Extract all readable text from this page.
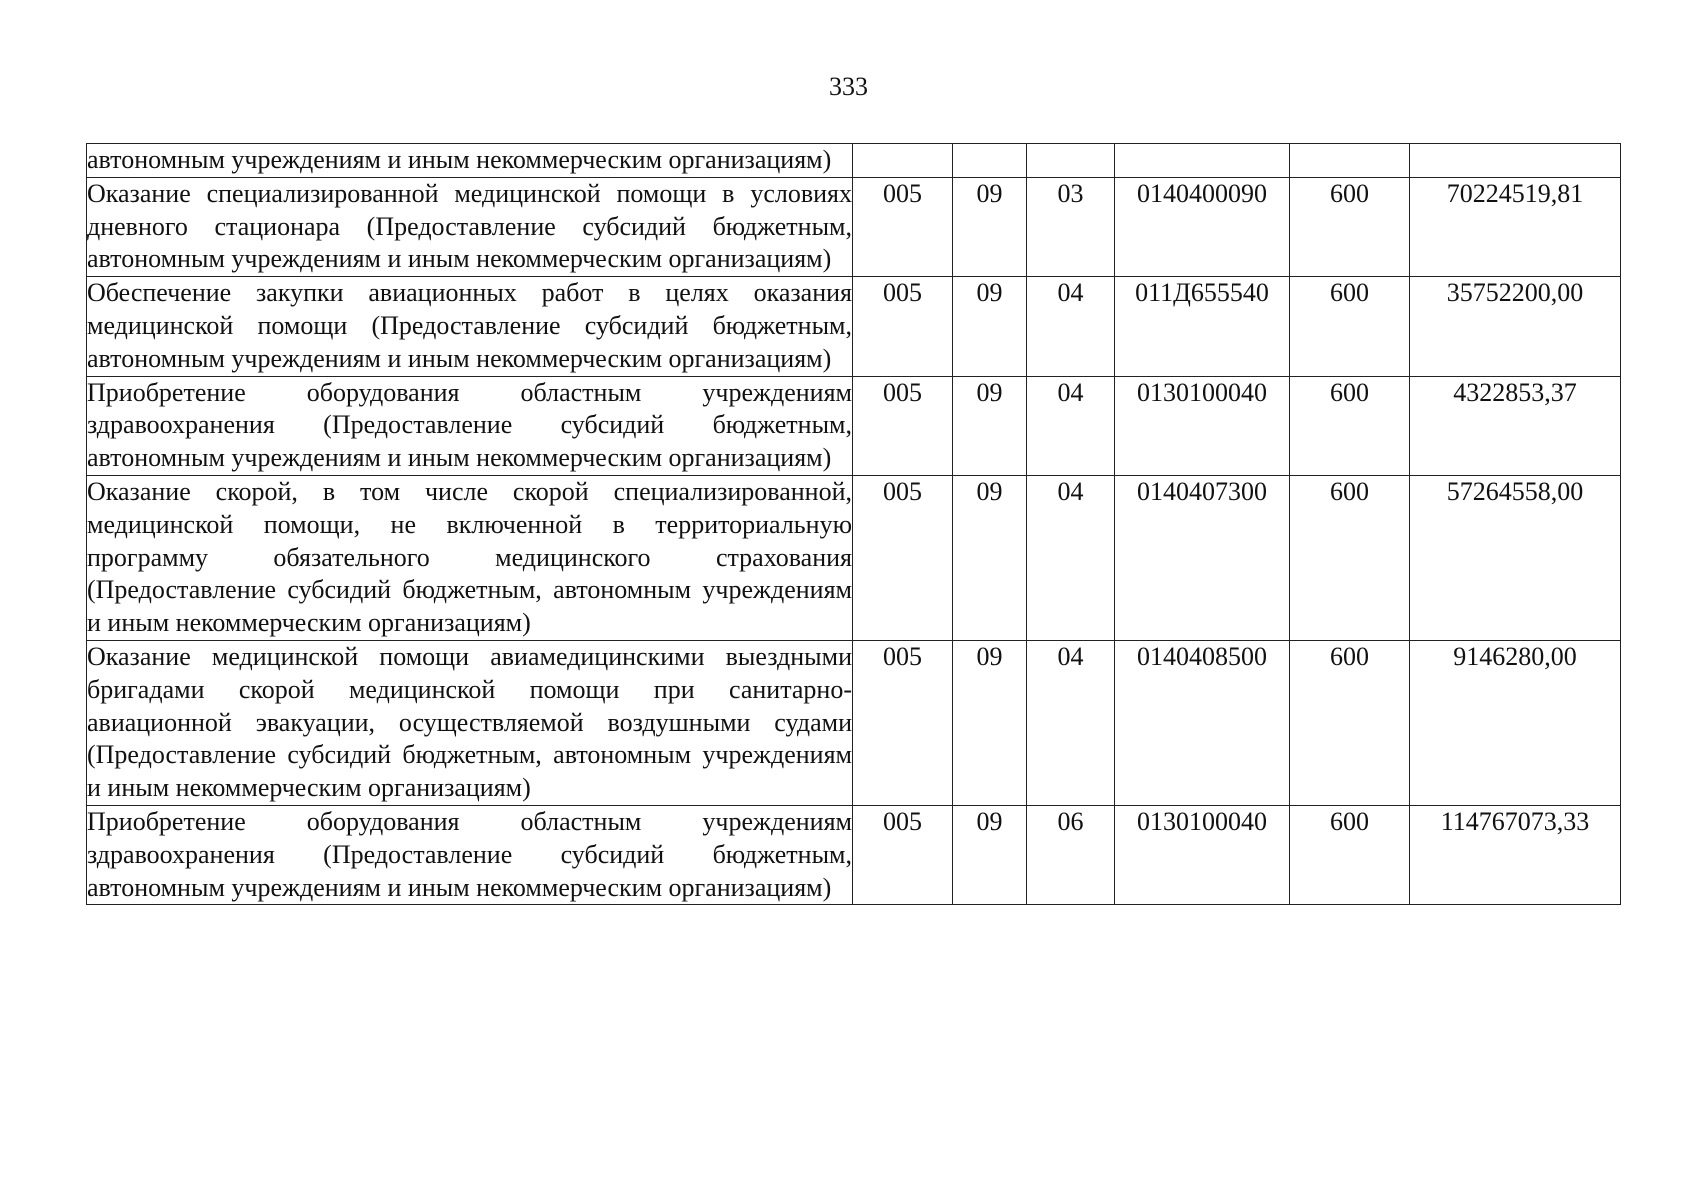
333
автономным учреждениям и иным некоммерческим организациям)						
Оказание специализированной медицинской помощи в условиях дневного стационара (Предоставление субсидий бюджетным, автономным учреждениям и иным некоммерческим организациям)	005	09	03	0140400090	600	70224519,81
Обеспечение закупки авиационных работ в целях оказания медицинской помощи (Предоставление субсидий бюджетным, автономным учреждениям и иным некоммерческим организациям)	005	09	04	011Д655540	600	35752200,00
Приобретение оборудования областным учреждениям здравоохранения (Предоставление субсидий бюджетным, автономным учреждениям и иным некоммерческим организациям)	005	09	04	0130100040	600	4322853,37
Оказание скорой, в том числе скорой специализированной, медицинской помощи, не включенной в территориальную программу обязательного медицинского страхования (Предоставление субсидий бюджетным, автономным учреждениям и иным некоммерческим организациям)	005	09	04	0140407300	600	57264558,00
Оказание медицинской помощи авиамедицинскими выездными бригадами скорой медицинской помощи при санитарно-авиационной эвакуации, осуществляемой воздушными судами (Предоставление субсидий бюджетным, автономным учреждениям и иным некоммерческим организациям)	005	09	04	0140408500	600	9146280,00
Приобретение оборудования областным учреждениям здравоохранения (Предоставление субсидий бюджетным, автономным учреждениям и иным некоммерческим организациям)	005	09	06	0130100040	600	114767073,33
